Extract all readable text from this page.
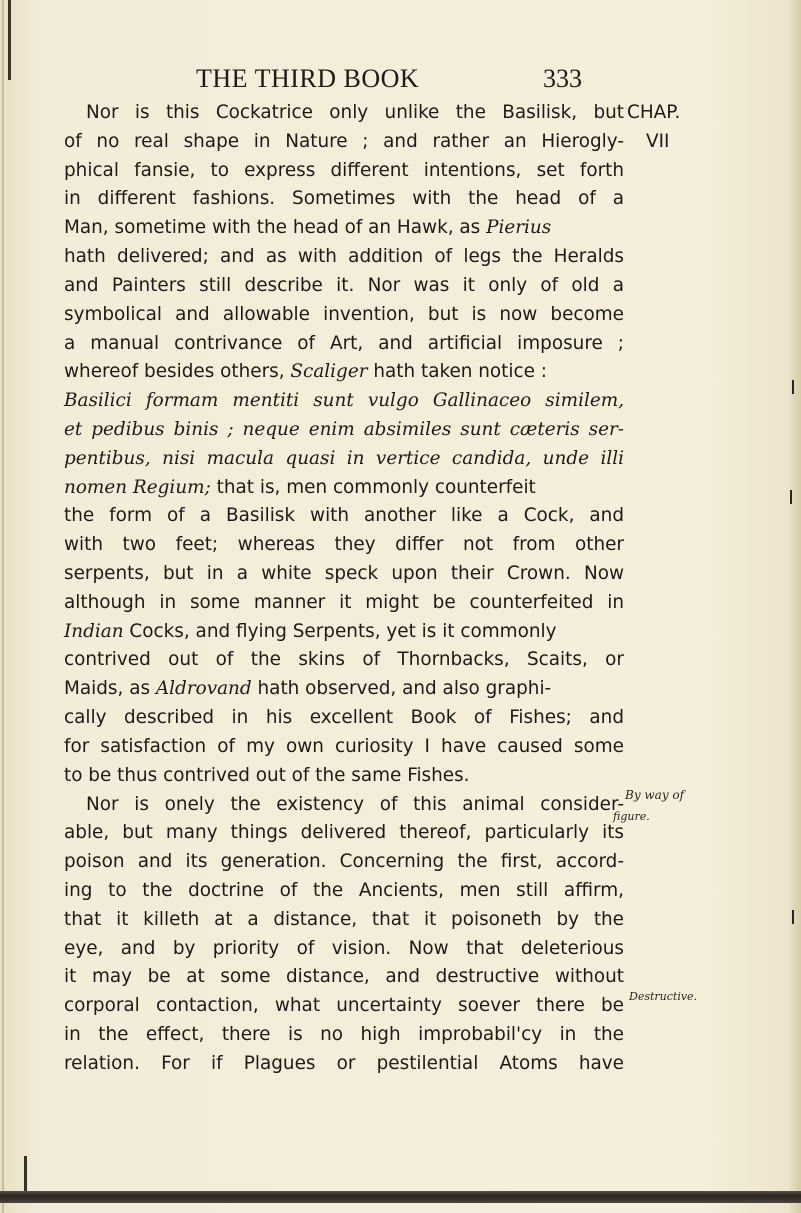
THE THIRD BOOK	333
Nor is this Cockatrice only unlike the Basilisk, but
of no real shape in Nature ; and rather an Hierogly-
phical fansie, to express different intentions, set forth
in different fashions. Sometimes with the head of a
Man, sometime with the head of an Hawk, as Pierius
hath delivered; and as with addition of legs the Heralds
and Painters still describe it. Nor was it only of old a
symbolical and allowable invention, but is now become
a manual contrivance of Art, and artificial imposure ;
whereof besides others, Scaliger hath taken notice :
Basilici formam mentiti sunt vulgo Gallinaceo similem,
et pedibus binis ; neque enim absimiles sunt cæteris ser-
pentibus, nisi macula quasi in vertice candida, unde illi
nomen Regium; that is, men commonly counterfeit
the form of a Basilisk with another like a Cock, and
with two feet; whereas they differ not from other
serpents, but in a white speck upon their Crown. Now
although in some manner it might be counterfeited in
Indian Cocks, and flying Serpents, yet is it commonly
contrived out of the skins of Thornbacks, Scaits, or
Maids, as Aldrovand hath observed, and also graphi-
cally described in his excellent Book of Fishes; and
for satisfaction of my own curiosity I have caused some
to be thus contrived out of the same Fishes.
Nor is onely the existency of this animal consider-
able, but many things delivered thereof, particularly its
poison and its generation. Concerning the first, accord-
ing to the doctrine of the Ancients, men still affirm,
that it killeth at a distance, that it poisoneth by the
eye, and by priority of vision. Now that deleterious
it may be at some distance, and destructive without
corporal contaction, what uncertainty soever there be
in the effect, there is no high improbabil'cy in the
relation. For if Plagues or pestilential Atoms have
CHAP.
VII
By way of
figure.
Destructive.
